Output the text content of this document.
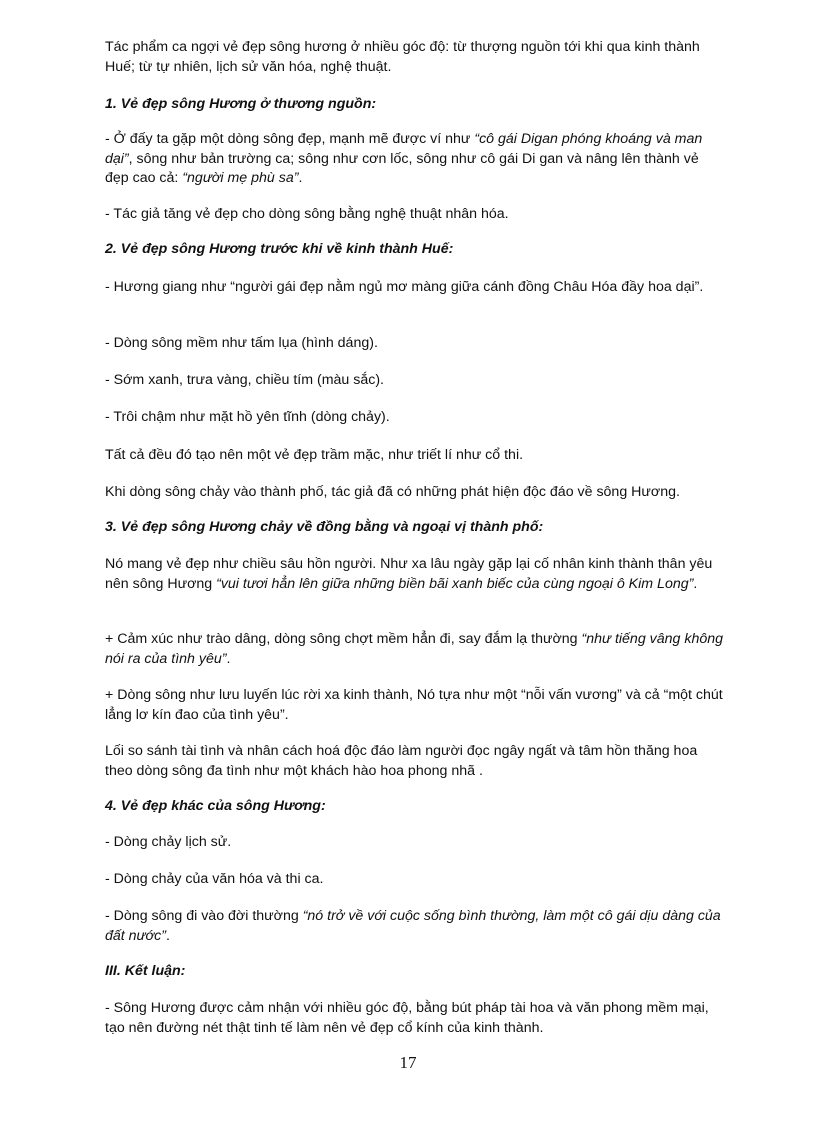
Tác phẩm ca ngợi vẻ đẹp sông hương ở nhiều góc độ: từ thượng nguồn tới khi qua kinh thành Huế; từ tự nhiên, lịch sử văn hóa, nghệ thuật.

1. Vẻ đẹp sông Hương ở thương nguồn:

- Ở đấy ta gặp một dòng sông đẹp, mạnh mẽ được ví như “cô gái Digan phóng khoáng và man dại”, sông như bản trường ca; sông như cơn lốc, sông như cô gái Di gan và nâng lên thành vẻ đẹp cao cả: “người mẹ phù sa”.

- Tác giả tăng vẻ đẹp cho dòng sông bằng nghệ thuật nhân hóa.

2. Vẻ đẹp sông Hương trước khi về kinh thành Huế:

- Hương giang như “người gái đẹp nằm ngủ mơ màng giữa cánh đồng Châu Hóa đầy hoa dại”.

- Dòng sông mềm như tấm lụa (hình dáng).

- Sớm xanh, trưa vàng, chiều tím (màu sắc).

- Trôi chậm như mặt hồ yên tĩnh (dòng chảy).

Tất cả đều đó tạo nên một vẻ đẹp trầm mặc, như triết lí như cổ thi.

Khi dòng sông chảy vào thành phố, tác giả đã có những phát hiện độc đáo về sông Hương.

3. Vẻ đẹp sông Hương chảy về đồng bằng và ngoại vị thành phố:

Nó mang vẻ đẹp như chiều sâu hồn người. Như xa lâu ngày gặp lại cố nhân kinh thành thân yêu nên sông Hương “vui tươi hẳn lên giữa những biền bãi xanh biếc của cùng ngoại ô Kim Long”.

+ Cảm xúc như trào dâng, dòng sông chợt mềm hẳn đi, say đắm lạ thường “như tiếng vâng không nói ra của tình yêu”.

+ Dòng sông như lưu luyến lúc rời xa kinh thành, Nó tựa như một “nỗi vấn vương” và cả “một chút lẳng lơ kín đao của tình yêu”.

Lối so sánh tài tình và nhân cách hoá độc đáo làm người đọc ngây ngất và tâm hồn thăng hoa theo dòng sông đa tình như một khách hào hoa phong nhã .

4. Vẻ đẹp khác của sông Hương:

- Dòng chảy lịch sử.

- Dòng chảy của văn hóa và thi ca.

- Dòng sông đi vào đời thường “nó trở về với cuộc sống bình thường, làm một cô gái dịu dàng của đất nước”.

III. Kết luận:

- Sông Hương được cảm nhận với nhiều góc độ, bằng bút pháp tài hoa và văn phong mềm mại, tạo nên đường nét thật tinh tế làm nên vẻ đẹp cổ kính của kinh thành.

17
